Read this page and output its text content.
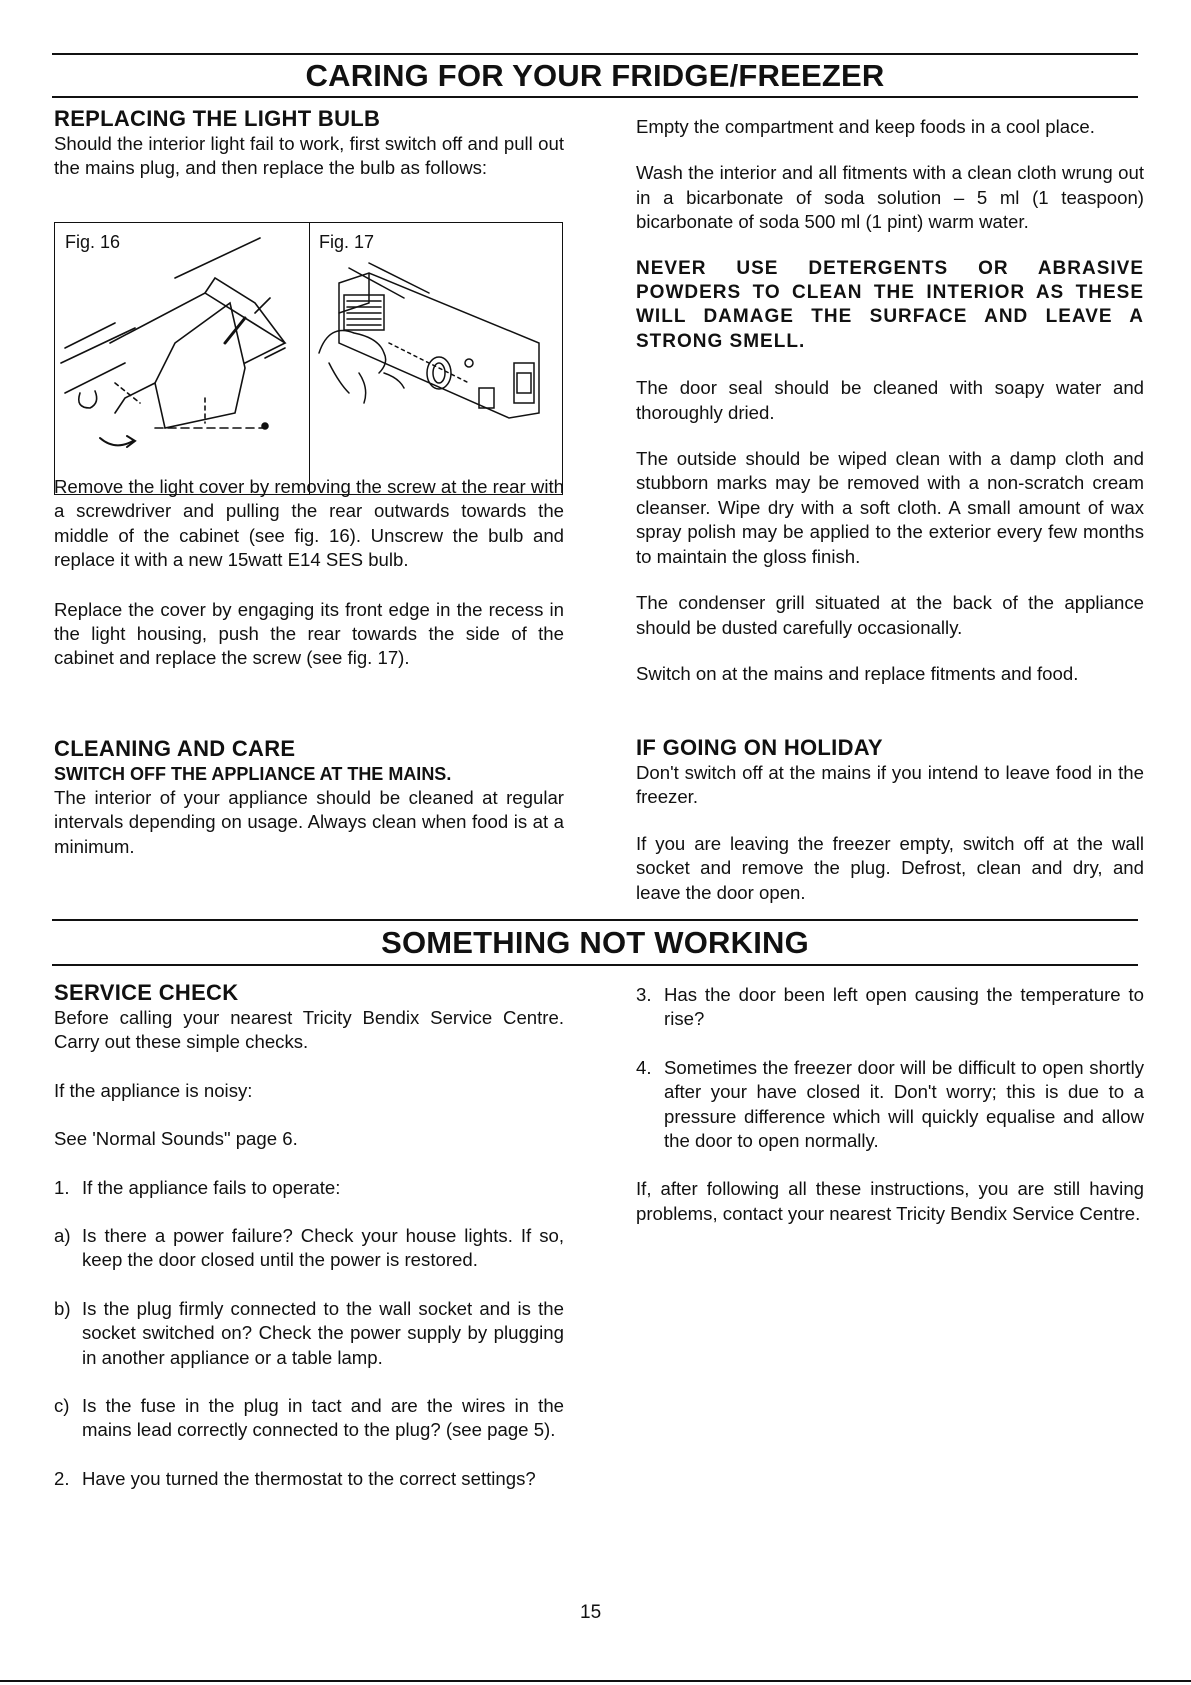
CARING FOR YOUR FRIDGE/FREEZER

REPLACING THE LIGHT BULB

Should the interior light fail to work, first switch off and pull out the mains plug, and then replace the bulb as follows:

Fig. 16	Fig. 17

Remove the light cover by removing the screw at the rear with a screwdriver and pulling the rear outwards towards the middle of the cabinet (see fig. 16). Unscrew the bulb and replace it with a new 15watt E14 SES bulb.

Replace the cover by engaging its front edge in the recess in the light housing, push the rear towards the side of the cabinet and replace the screw (see fig. 17).

CLEANING AND CARE

SWITCH OFF THE APPLIANCE AT THE MAINS.

The interior of your appliance should be cleaned at regular intervals depending on usage. Always clean when food is at a minimum.

Empty the compartment and keep foods in a cool place.

Wash the interior and all fitments with a clean cloth wrung out in a bicarbonate of soda solution – 5 ml (1 teaspoon) bicarbonate of soda 500 ml (1 pint) warm water.

NEVER USE DETERGENTS OR ABRASIVE POWDERS TO CLEAN THE INTERIOR AS THESE WILL DAMAGE THE SURFACE AND LEAVE A STRONG SMELL.

The door seal should be cleaned with soapy water and thoroughly dried.

The outside should be wiped clean with a damp cloth and stubborn marks may be removed with a non-scratch cream cleanser. Wipe dry with a soft cloth. A small amount of wax spray polish may be applied to the exterior every few months to maintain the gloss finish.

The condenser grill situated at the back of the appliance should be dusted carefully occasionally.

Switch on at the mains and replace fitments and food.

IF GOING ON HOLIDAY

Don't switch off at the mains if you intend to leave food in the freezer.

If you are leaving the freezer empty, switch off at the wall socket and remove the plug. Defrost, clean and dry, and leave the door open.

SOMETHING NOT WORKING

SERVICE CHECK

Before calling your nearest Tricity Bendix Service Centre. Carry out these simple checks.

If the appliance is noisy:

See 'Normal Sounds" page 6.

1. If the appliance fails to operate:
a) Is there a power failure? Check your house lights. If so, keep the door closed until the power is restored.
b) Is the plug firmly connected to the wall socket and is the socket switched on? Check the power supply by plugging in another appliance or a table lamp.
c) Is the fuse in the plug in tact and are the wires in the mains lead correctly connected to the plug? (see page 5).
2. Have you turned the thermostat to the correct settings?
3. Has the door been left open causing the temperature to rise?
4. Sometimes the freezer door will be difficult to open shortly after your have closed it. Don't worry; this is due to a pressure difference which will quickly equalise and allow the door to open normally.

If, after following all these instructions, you are still having problems, contact your nearest Tricity Bendix Service Centre.

15
